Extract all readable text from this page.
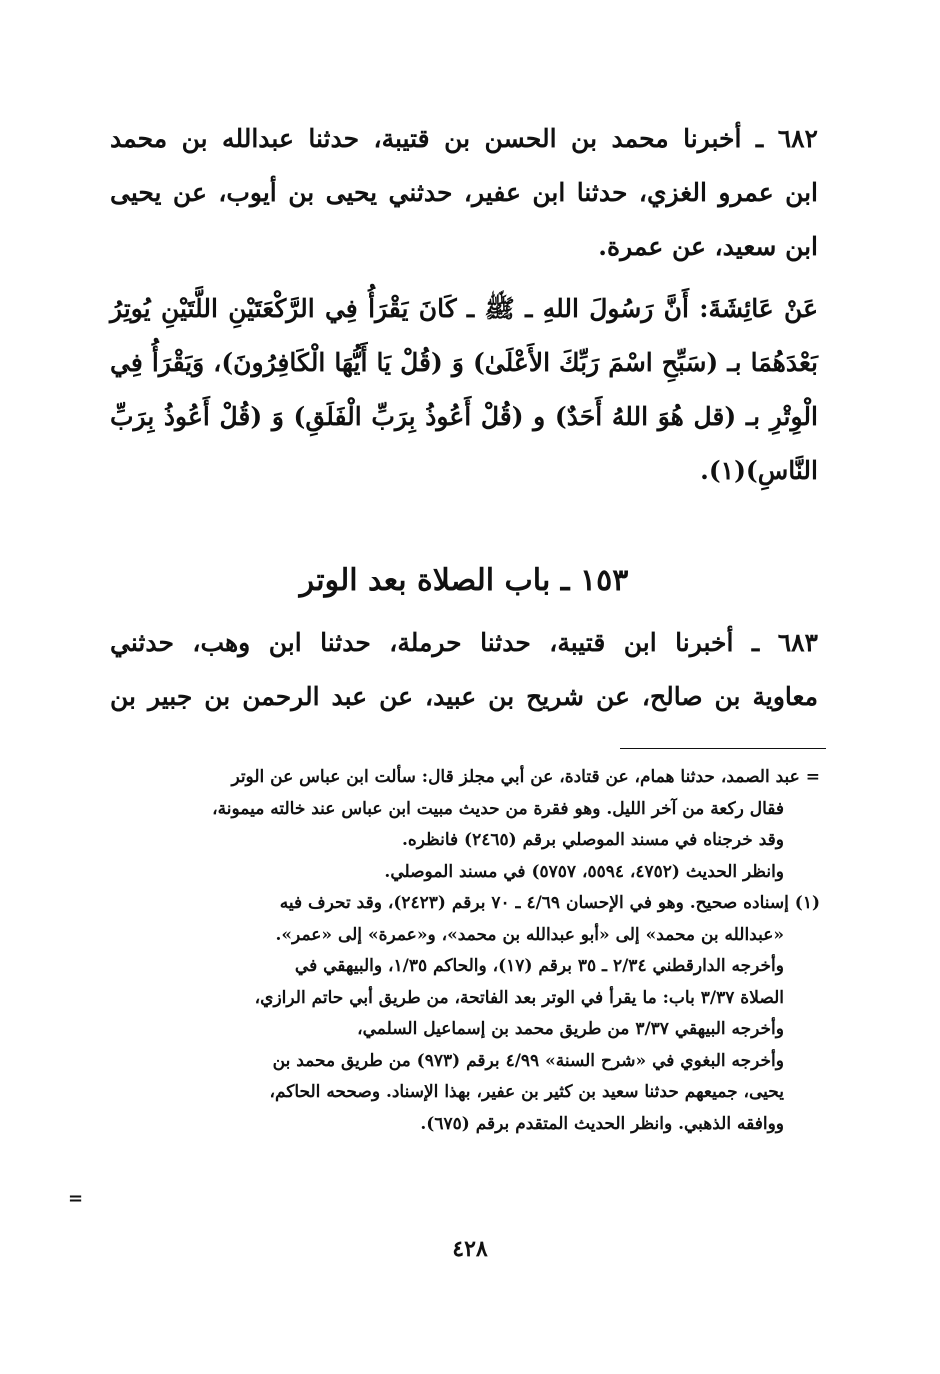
٦٨٢ ـ أخبرنا محمد بن الحسن بن قتيبة، حدثنا عبدالله بن محمد
ابن عمرو الغزي، حدثنا ابن عفير، حدثني يحيى بن أيوب، عن يحيى
ابن سعيد، عن عمرة.

عَنْ عَائِشَةَ: أَنَّ رَسُولَ اللهِ ـ ﷺ ـ كَانَ يَقْرَأُ فِي الرَّكْعَتَيْنِ اللَّتَيْنِ يُوتِرُ
بَعْدَهُمَا بـ (سَبِّحِ اسْمَ رَبِّكَ الأَعْلَىٰ) وَ (قُلْ يَا أَيُّهَا الْكَافِرُونَ)، وَيَقْرَأُ فِي
الْوِتْرِ بـ (قل هُوَ اللهُ أَحَدٌ) و (قُلْ أَعُوذُ بِرَبِّ الْفَلَقِ) وَ (قُلْ أَعُوذُ بِرَبِّ
النَّاسِ)(١).

١٥٣ ـ باب الصلاة بعد الوتر

٦٨٣ ـ أخبرنا ابن قتيبة، حدثنا حرملة، حدثنا ابن وهب، حدثني
معاوية بن صالح، عن شريح بن عبيد، عن عبد الرحمن بن جبير بن

= عبد الصمد، حدثنا همام، عن قتادة، عن أبي مجلز قال: سألت ابن عباس عن الوتر

فقال ركعة من آخر الليل. وهو فقرة من حديث مبيت ابن عباس عند خالته ميمونة،

وقد خرجناه في مسند الموصلي برقم (٢٤٦٥) فانظره.

وانظر الحديث (٤٧٥٢، ٥٥٩٤، ٥٧٥٧) في مسند الموصلي.

(١) إسناده صحيح. وهو في الإحسان ٤/٦٩ ـ ٧٠ برقم (٢٤٢٣)، وقد تحرف فيه

«عبدالله بن محمد» إلى «أبو عبدالله بن محمد»، و«عمرة» إلى «عمر».

وأخرجه الدارقطني ٢/٣٤ ـ ٣٥ برقم (١٧)، والحاكم ١/٣٥، والبيهقي في

الصلاة ٣/٣٧ باب: ما يقرأ في الوتر بعد الفاتحة، من طريق أبي حاتم الرازي،

وأخرجه البيهقي ٣/٣٧ من طريق محمد بن إسماعيل السلمي،

وأخرجه البغوي في «شرح السنة» ٤/٩٩ برقم (٩٧٣) من طريق محمد بن

يحيى، جميعهم حدثنا سعيد بن كثير بن عفير، بهذا الإسناد. وصححه الحاكم،

ووافقه الذهبي. وانظر الحديث المتقدم برقم (٦٧٥).

=
٤٢٨
